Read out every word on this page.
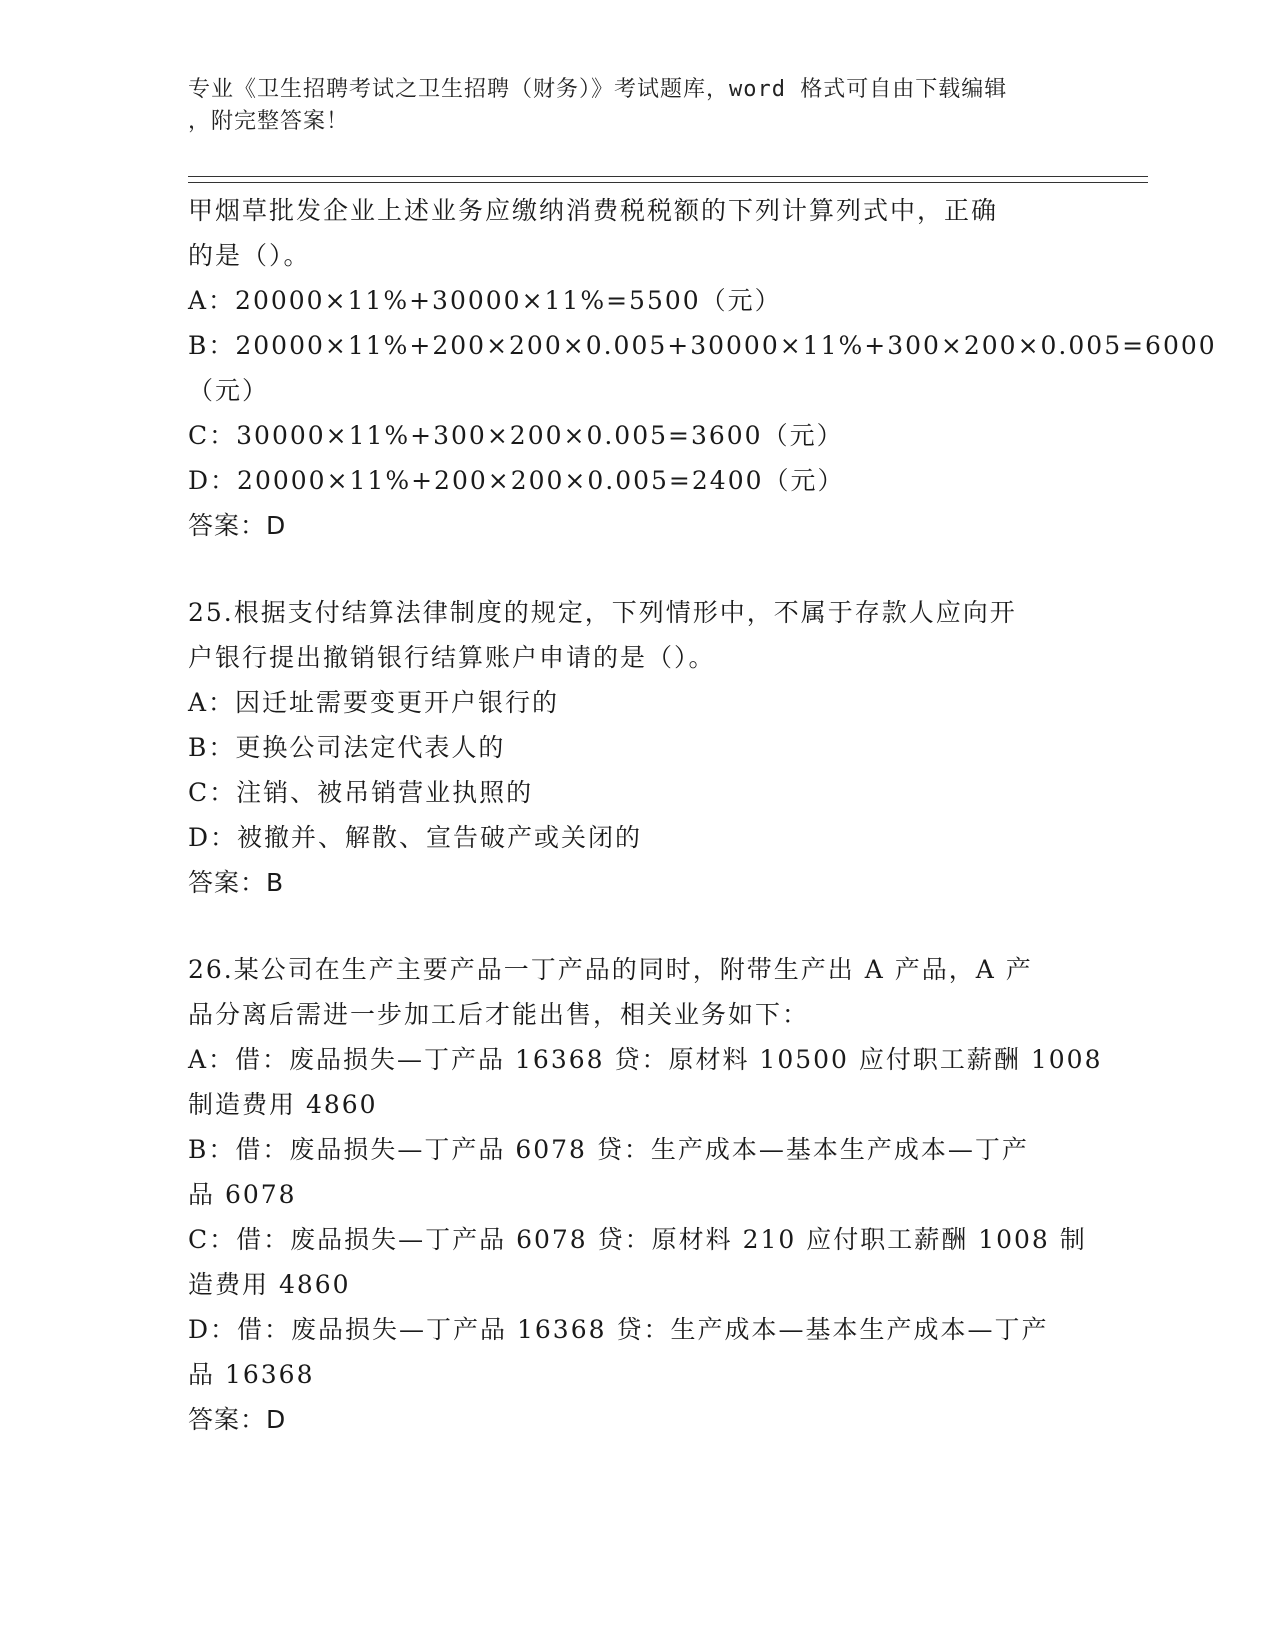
专业《卫生招聘考试之卫生招聘（财务）》考试题库，word 格式可自由下载编辑
，附完整答案！
甲烟草批发企业上述业务应缴纳消费税税额的下列计算列式中，正确
的是（）。
A：20000×11%+30000×11%=5500（元）
B：20000×11%+200×200×0.005+30000×11%+300×200×0.005=6000
（元）
C：30000×11%+300×200×0.005=3600（元）
D：20000×11%+200×200×0.005=2400（元）
答案：D
25.根据支付结算法律制度的规定，下列情形中，不属于存款人应向开
户银行提出撤销银行结算账户申请的是（）。
A：因迁址需要变更开户银行的
B：更换公司法定代表人的
C：注销、被吊销营业执照的
D：被撤并、解散、宣告破产或关闭的
答案：B
26.某公司在生产主要产品一丁产品的同时，附带生产出 A 产品，A 产
品分离后需进一步加工后才能出售，相关业务如下：
A：借：废品损失—丁产品 16368 贷：原材料 10500 应付职工薪酬 1008
制造费用 4860
B：借：废品损失—丁产品 6078 贷：生产成本—基本生产成本—丁产
品 6078
C：借：废品损失—丁产品 6078 贷：原材料 210 应付职工薪酬 1008 制
造费用 4860
D：借：废品损失—丁产品 16368 贷：生产成本—基本生产成本—丁产
品 16368
答案：D
